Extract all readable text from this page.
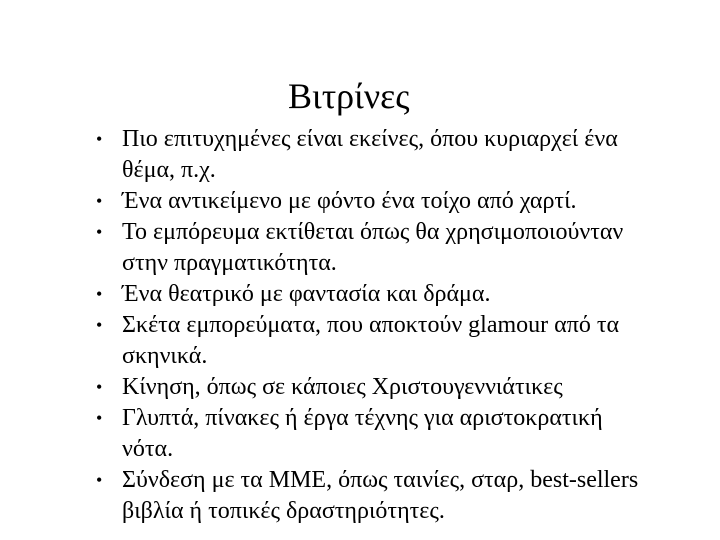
Βιτρίνες
• Πιο επιτυχημένες είναι εκείνες, όπου κυριαρχεί ένα
θέμα, π.χ.
• Ένα αντικείμενο με φόντο ένα τοίχο από χαρτί.
• Το εμπόρευμα εκτίθεται όπως θα χρησιμοποιούνταν
στην πραγματικότητα.
• Ένα θεατρικό με φαντασία και δράμα.
• Σκέτα εμπορεύματα, που αποκτούν glamour από τα
σκηνικά.
• Κίνηση, όπως σε κάποιες Χριστουγεννιάτικες
• Γλυπτά, πίνακες ή έργα τέχνης για αριστοκρατική
νότα.
• Σύνδεση με τα ΜΜΕ, όπως ταινίες, σταρ, best-sellers
βιβλία ή τοπικές δραστηριότητες.
